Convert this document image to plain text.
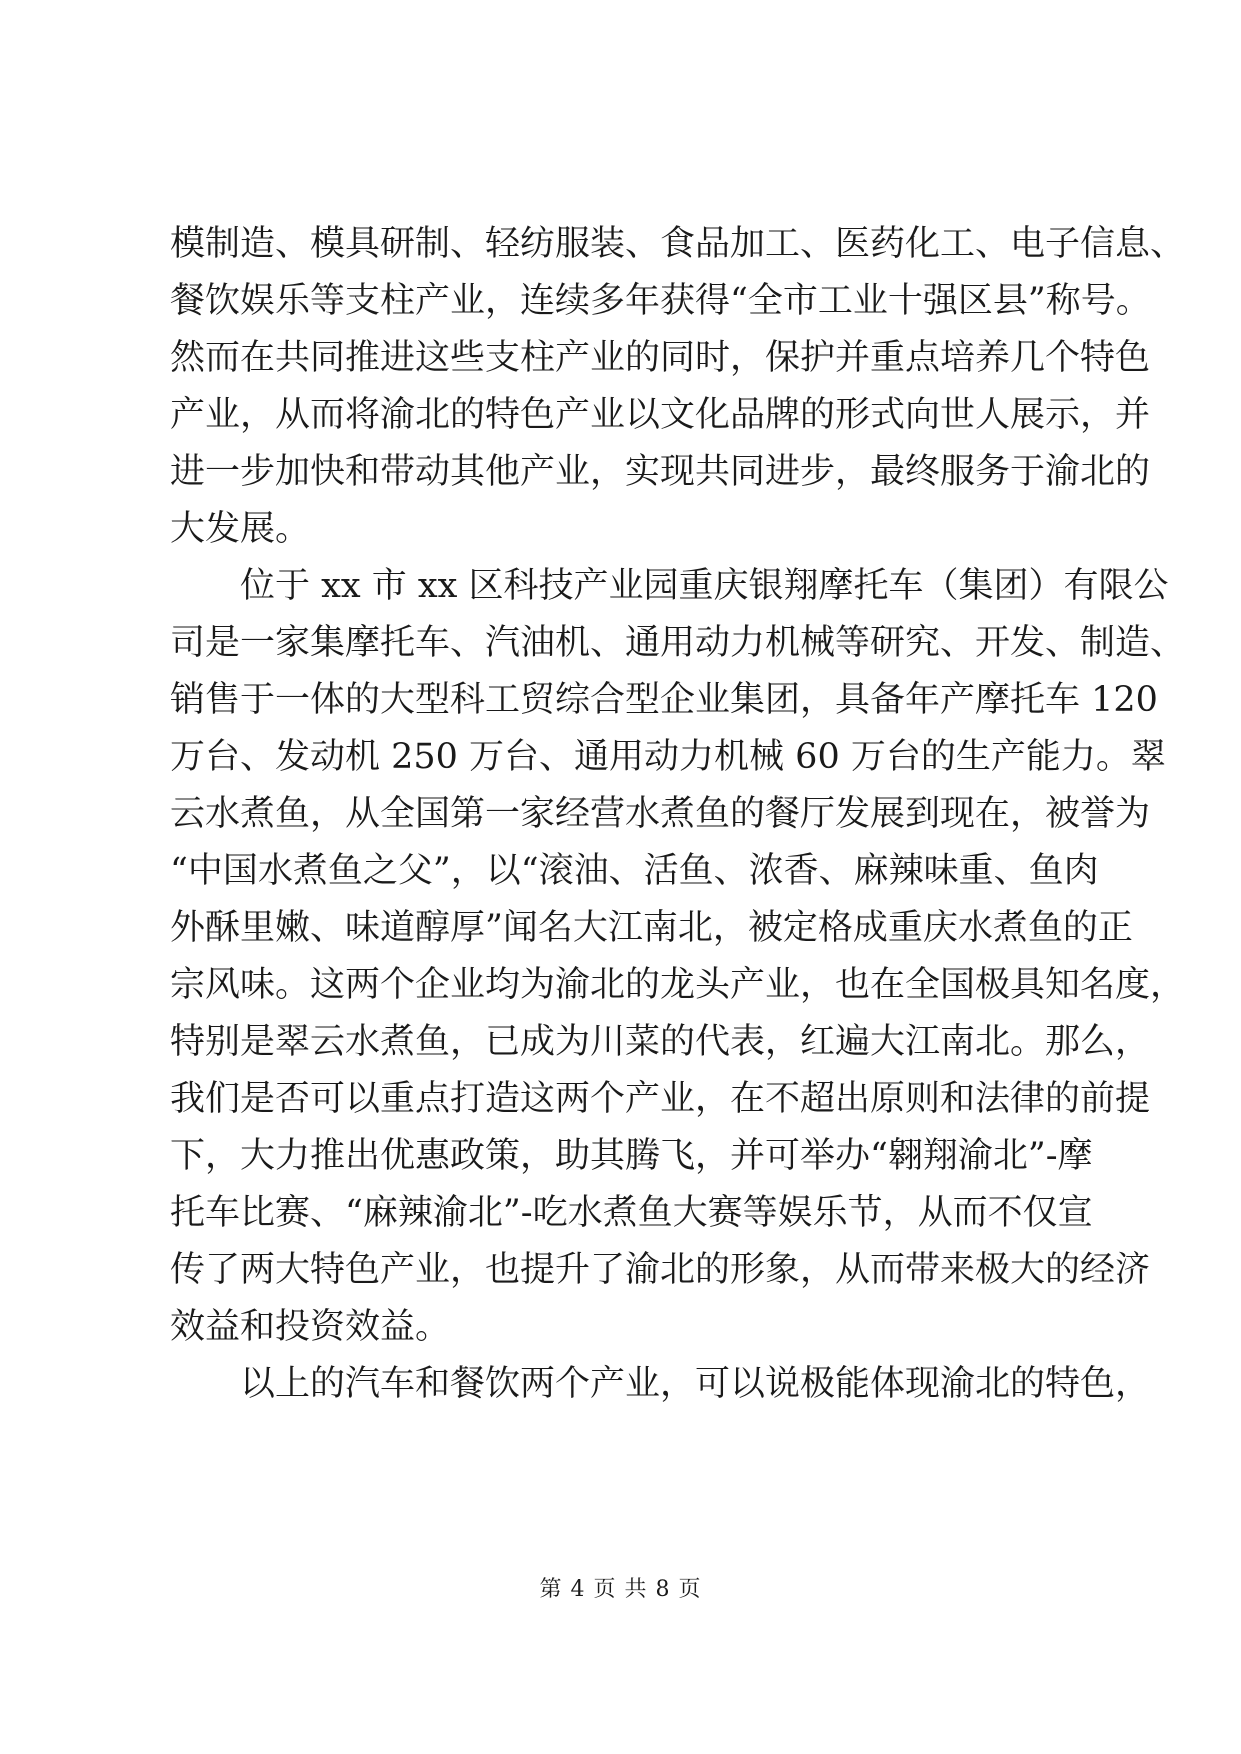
模制造、模具研制、轻纺服装、食品加工、医药化工、电子信息、
餐饮娱乐等支柱产业，连续多年获得“全市工业十强区县”称号。
然而在共同推进这些支柱产业的同时，保护并重点培养几个特色
产业，从而将渝北的特色产业以文化品牌的形式向世人展示，并
进一步加快和带动其他产业，实现共同进步，最终服务于渝北的
大发展。
位于 xx 市 xx 区科技产业园重庆银翔摩托车（集团）有限公
司是一家集摩托车、汽油机、通用动力机械等研究、开发、制造、
销售于一体的大型科工贸综合型企业集团，具备年产摩托车 120
万台、发动机 250 万台、通用动力机械 60 万台的生产能力。翠
云水煮鱼，从全国第一家经营水煮鱼的餐厅发展到现在，被誉为
“中国水煮鱼之父”，以“滚油、活鱼、浓香、麻辣味重、鱼肉
外酥里嫩、味道醇厚”闻名大江南北，被定格成重庆水煮鱼的正
宗风味。这两个企业均为渝北的龙头产业，也在全国极具知名度，
特别是翠云水煮鱼，已成为川菜的代表，红遍大江南北。那么，
我们是否可以重点打造这两个产业，在不超出原则和法律的前提
下，大力推出优惠政策，助其腾飞，并可举办“翱翔渝北”-摩
托车比赛、“麻辣渝北”-吃水煮鱼大赛等娱乐节，从而不仅宣
传了两大特色产业，也提升了渝北的形象，从而带来极大的经济
效益和投资效益。
以上的汽车和餐饮两个产业，可以说极能体现渝北的特色，
第 4 页 共 8 页
